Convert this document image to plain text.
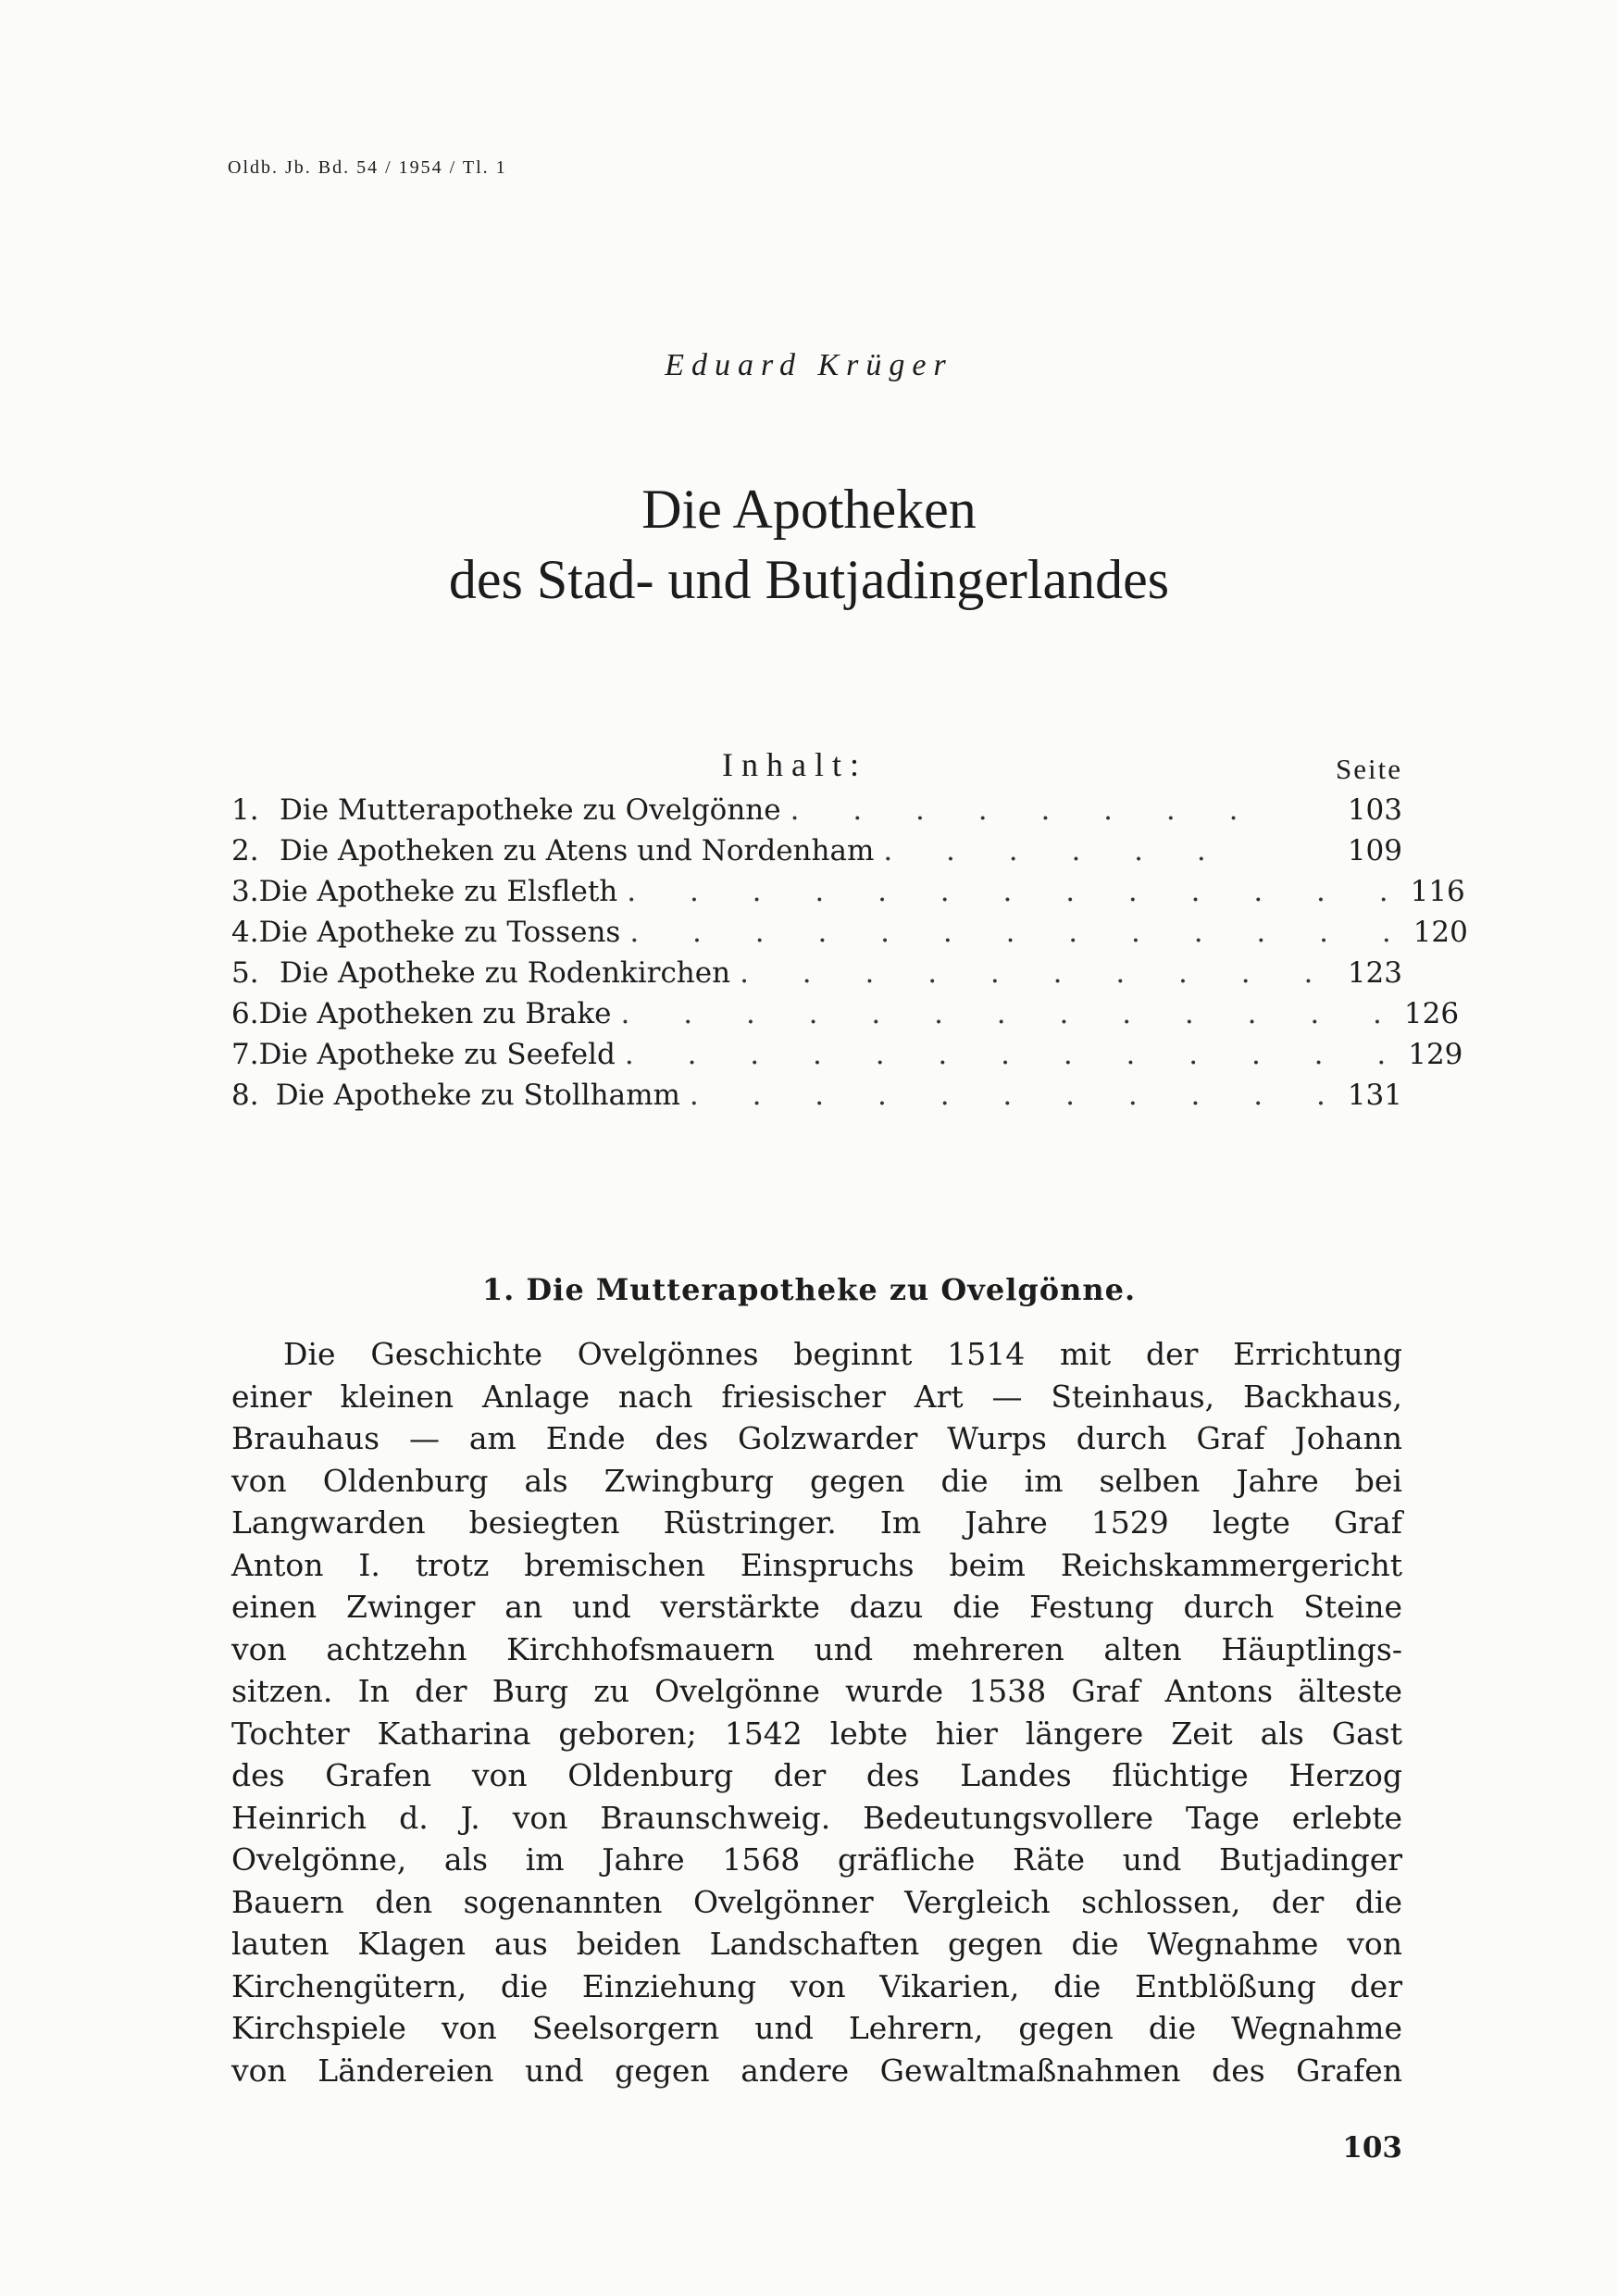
Oldb. Jb. Bd. 54 / 1954 / Tl. 1
Eduard Krüger
Die Apotheken
des Stad- und Butjadingerlandes
Inhalt:	Seite
1. Die Mutterapotheke zu Ovelgönne . . . . . . . .	103
2. Die Apotheken zu Atens und Nordenham . . . . . .	109
3. Die Apotheke zu Elsfleth . . . . . . . . . . . . . 116
4. Die Apotheke zu Tossens . . . . . . . . . . . . . 120
5. Die Apotheke zu Rodenkirchen . . . . . . . . . . 123
6. Die Apotheken zu Brake . . . . . . . . . . . . . 126
7. Die Apotheke zu Seefeld . . . . . . . . . . . . . 129
8. Die Apotheke zu Stollhamm . . . . . . . . . . . 131
1. Die Mutterapotheke zu Ovelgönne.
Die Geschichte Ovelgönnes beginnt 1514 mit der Errichtung
einer kleinen Anlage nach friesischer Art — Steinhaus, Backhaus,
Brauhaus — am Ende des Golzwarder Wurps durch Graf Johann
von Oldenburg als Zwingburg gegen die im selben Jahre bei
Langwarden besiegten Rüstringer. Im Jahre 1529 legte Graf
Anton I. trotz bremischen Einspruchs beim Reichskammergericht
einen Zwinger an und verstärkte dazu die Festung durch Steine
von achtzehn Kirchhofsmauern und mehreren alten Häuptlings-
sitzen. In der Burg zu Ovelgönne wurde 1538 Graf Antons älteste
Tochter Katharina geboren; 1542 lebte hier längere Zeit als Gast
des Grafen von Oldenburg der des Landes flüchtige Herzog
Heinrich d. J. von Braunschweig. Bedeutungsvollere Tage erlebte
Ovelgönne, als im Jahre 1568 gräfliche Räte und Butjadinger
Bauern den sogenannten Ovelgönner Vergleich schlossen, der die
lauten Klagen aus beiden Landschaften gegen die Wegnahme von
Kirchengütern, die Einziehung von Vikarien, die Entblößung der
Kirchspiele von Seelsorgern und Lehrern, gegen die Wegnahme
von Ländereien und gegen andere Gewaltmaßnahmen des Grafen
103
